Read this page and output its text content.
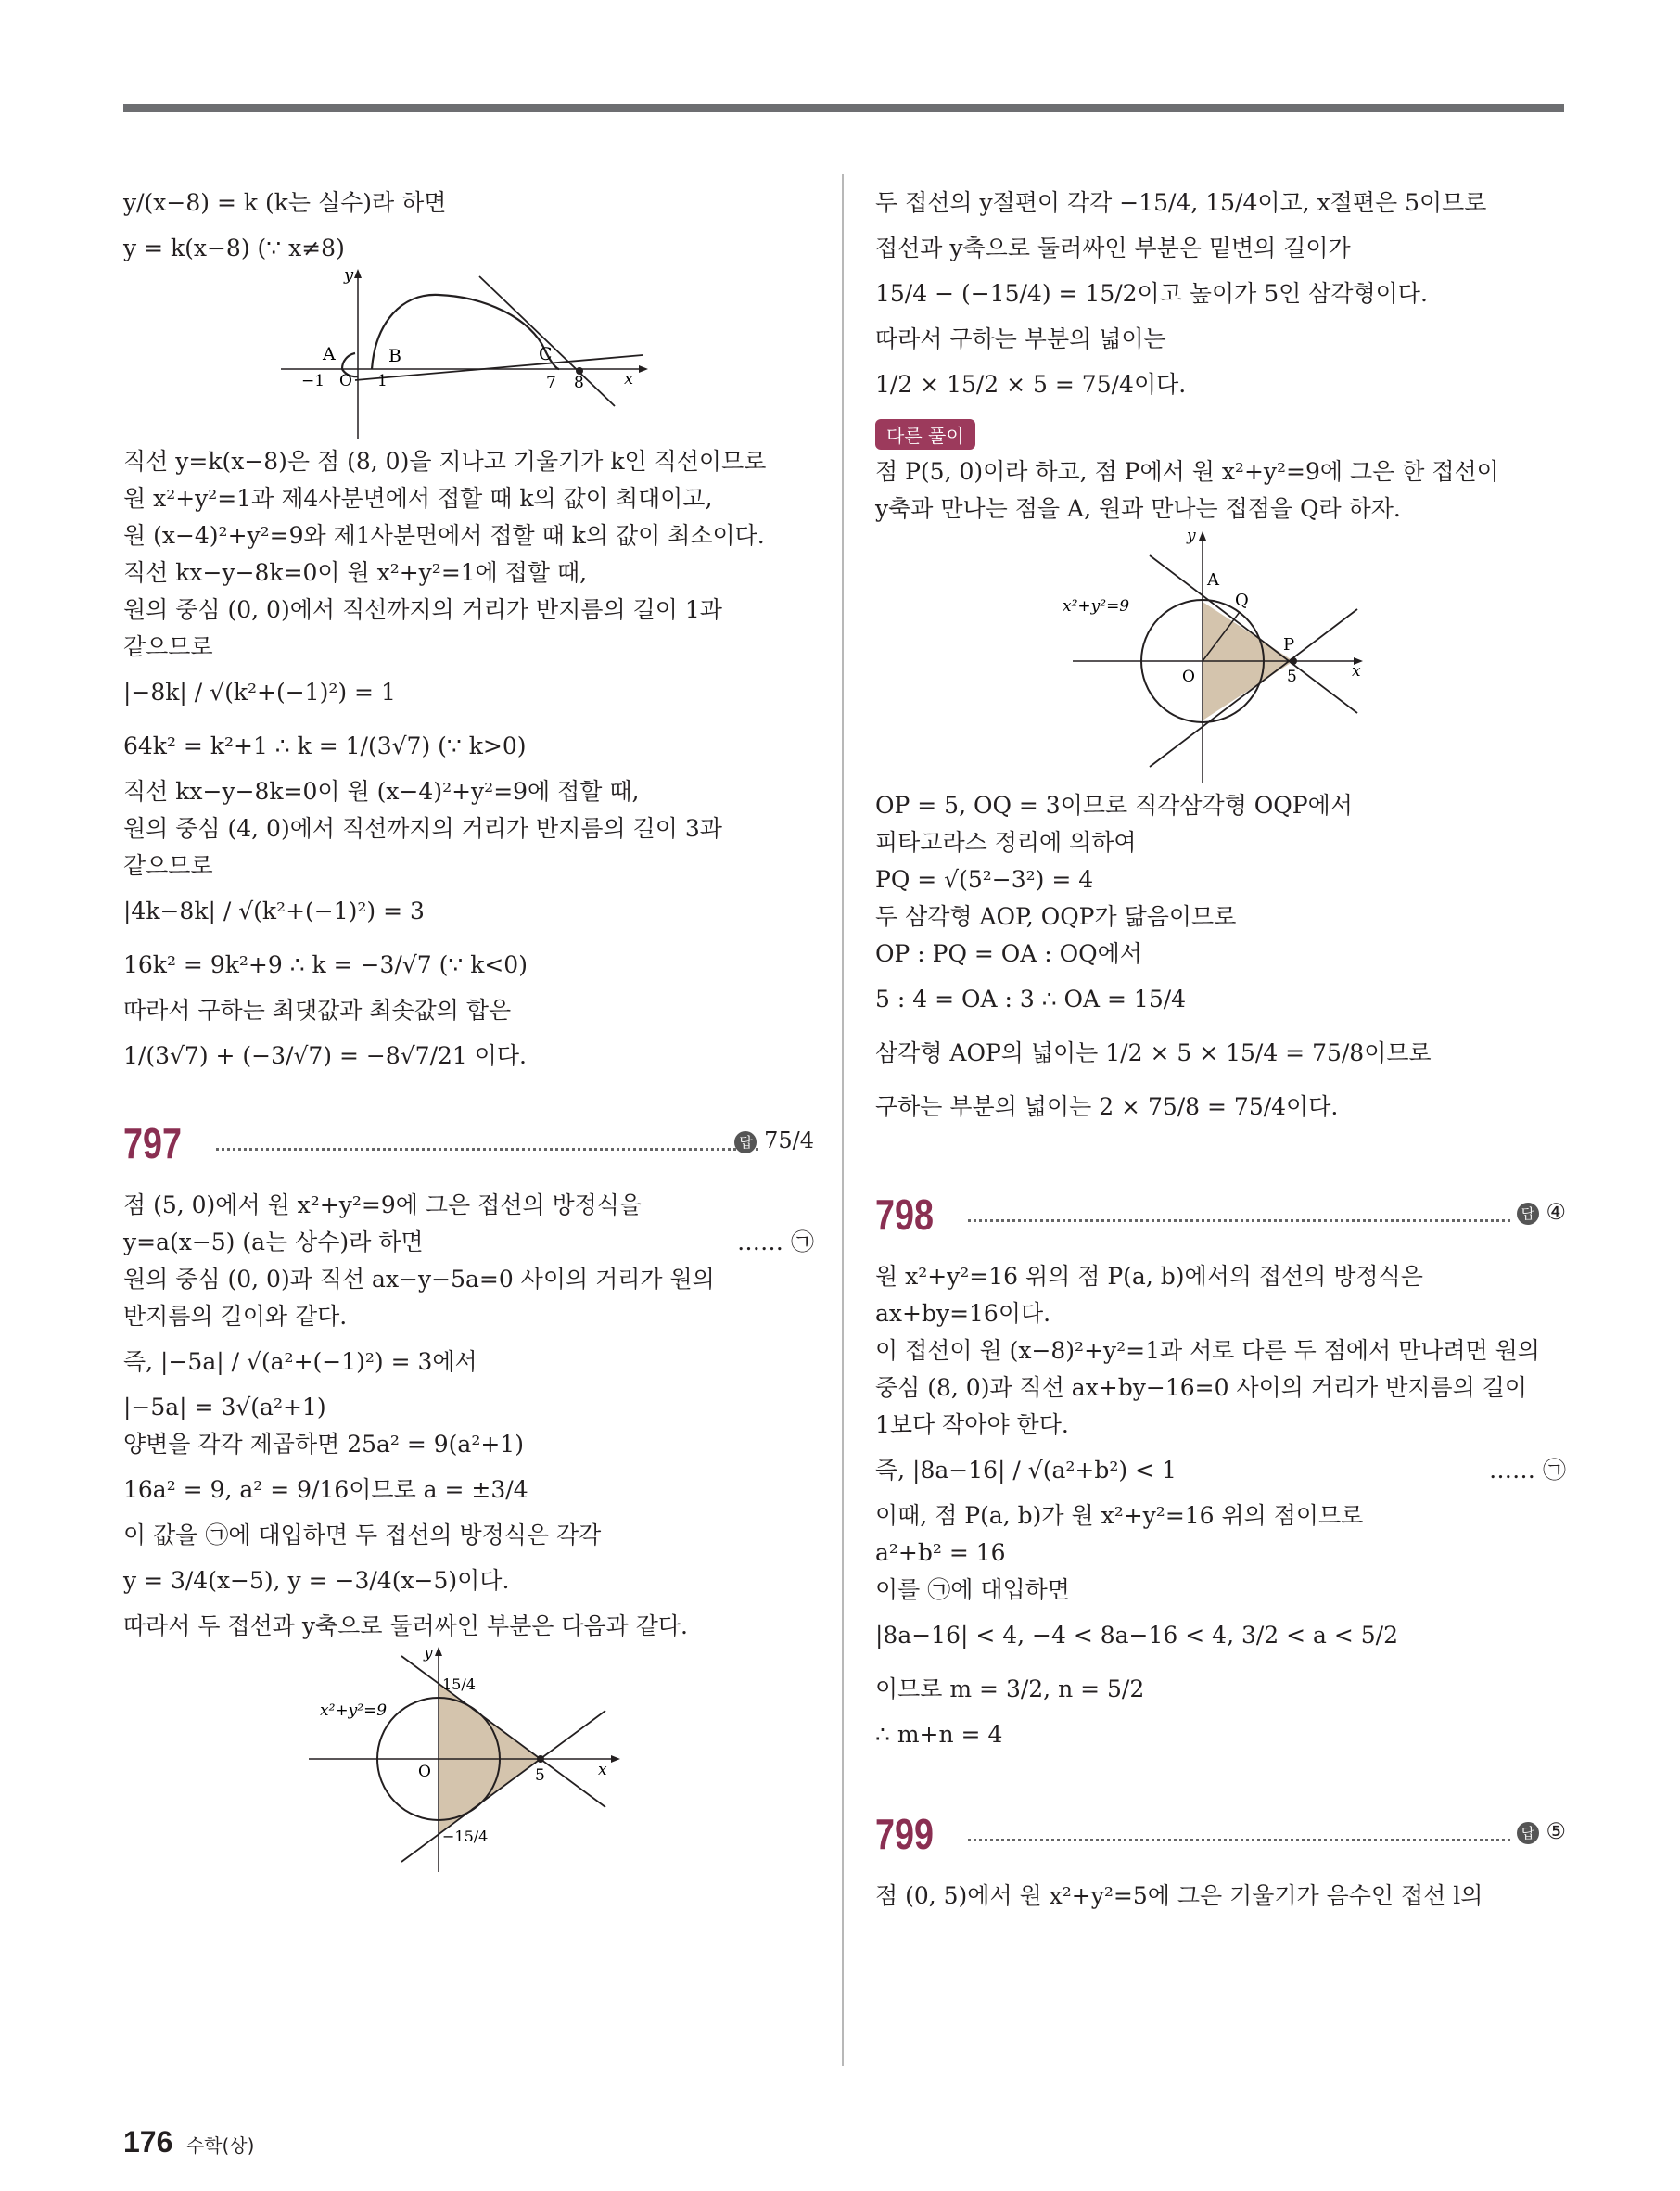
y/(x−8) = k (k는 실수)라 하면
y = k(x−8) (∵ x≠8)
y
x
A	B	C
O
−1	1	7 8
직선 y=k(x−8)은 점 (8, 0)을 지나고 기울기가 k인 직선이므로
원 x²+y²=1과 제4사분면에서 접할 때 k의 값이 최대이고,
원 (x−4)²+y²=9와 제1사분면에서 접할 때 k의 값이 최소이다.
직선 kx−y−8k=0이 원 x²+y²=1에 접할 때,
원의 중심 (0, 0)에서 직선까지의 거리가 반지름의 길이 1과
같으므로
|−8k| / √(k²+(−1)²) = 1
64k² = k²+1 ∴ k = 1/(3√7) (∵ k>0)
직선 kx−y−8k=0이 원 (x−4)²+y²=9에 접할 때,
원의 중심 (4, 0)에서 직선까지의 거리가 반지름의 길이 3과
같으므로
|4k−8k| / √(k²+(−1)²) = 3
16k² = 9k²+9 ∴ k = −3/√7 (∵ k<0)
따라서 구하는 최댓값과 최솟값의 합은
1/(3√7) + (−3/√7) = −8√7/21 이다.
797	답 75/4
점 (5, 0)에서 원 x²+y²=9에 그은 접선의 방정식을
y=a(x−5) (a는 상수)라 하면	…… ㉠
원의 중심 (0, 0)과 직선 ax−y−5a=0 사이의 거리가 원의
반지름의 길이와 같다.
즉, |−5a| / √(a²+(−1)²) = 3에서
|−5a| = 3√(a²+1)
양변을 각각 제곱하면 25a² = 9(a²+1)
16a² = 9, a² = 9/16이므로 a = ±3/4
이 값을 ㉠에 대입하면 두 접선의 방정식은 각각
y = 3/4(x−5), y = −3/4(x−5)이다.
따라서 두 접선과 y축으로 둘러싸인 부분은 다음과 같다.
y
x
O	5
x²+y²=9
15/4
−15/4
두 접선의 y절편이 각각 −15/4, 15/4이고, x절편은 5이므로
접선과 y축으로 둘러싸인 부분은 밑변의 길이가
15/4 − (−15/4) = 15/2이고 높이가 5인 삼각형이다.
따라서 구하는 부분의 넓이는
1/2 × 15/2 × 5 = 75/4이다.
다른 풀이
점 P(5, 0)이라 하고, 점 P에서 원 x²+y²=9에 그은 한 접선이
y축과 만나는 점을 A, 원과 만나는 접점을 Q라 하자.
y
x
O
A
Q
P
5
x²+y²=9
OP = 5, OQ = 3이므로 직각삼각형 OQP에서
피타고라스 정리에 의하여
PQ = √(5²−3²) = 4
두 삼각형 AOP, OQP가 닮음이므로
OP : PQ = OA : OQ에서
5 : 4 = OA : 3 ∴ OA = 15/4
삼각형 AOP의 넓이는 1/2 × 5 × 15/4 = 75/8이므로
구하는 부분의 넓이는 2 × 75/8 = 75/4이다.
798	답 ④
원 x²+y²=16 위의 점 P(a, b)에서의 접선의 방정식은
ax+by=16이다.
이 접선이 원 (x−8)²+y²=1과 서로 다른 두 점에서 만나려면 원의
중심 (8, 0)과 직선 ax+by−16=0 사이의 거리가 반지름의 길이
1보다 작아야 한다.
즉, |8a−16| / √(a²+b²) < 1	…… ㉠
이때, 점 P(a, b)가 원 x²+y²=16 위의 점이므로
a²+b² = 16
이를 ㉠에 대입하면
|8a−16| < 4, −4 < 8a−16 < 4, 3/2 < a < 5/2
이므로 m = 3/2, n = 5/2
∴ m+n = 4
799	답 ⑤
점 (0, 5)에서 원 x²+y²=5에 그은 기울기가 음수인 접선 l의
176 수학(상)
